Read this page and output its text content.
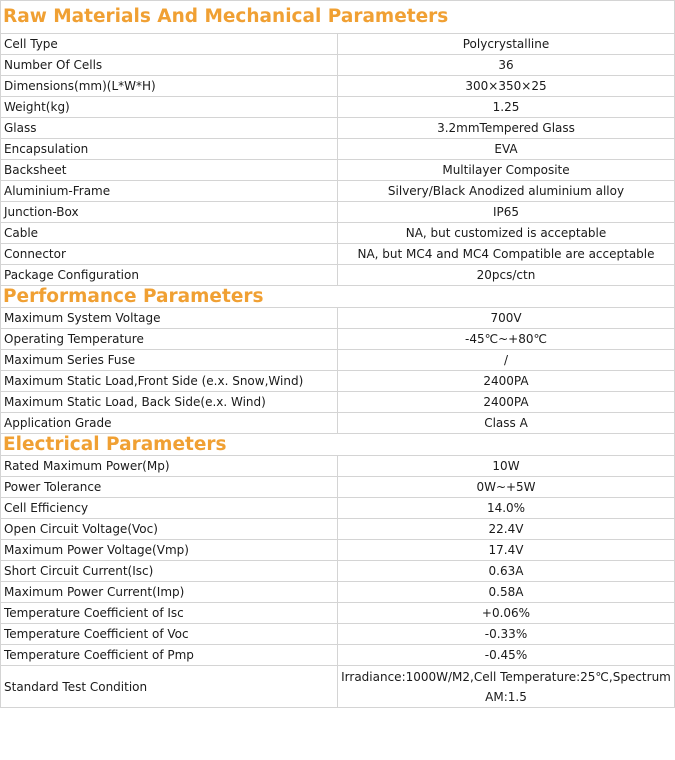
Raw Materials And Mechanical Parameters	
Cell Type	Polycrystalline
Number Of Cells	36
Dimensions(mm)(L*W*H)	300×350×25
Weight(kg)	1.25
Glass	3.2mmTempered Glass
Encapsulation	EVA
Backsheet	Multilayer Composite
Aluminium-Frame	Silvery/Black Anodized aluminium alloy
Junction-Box	IP65
Cable	NA, but customized is acceptable
Connector	NA, but MC4 and MC4 Compatible are acceptable
Package Configuration	20pcs/ctn
Performance Parameters	
Maximum System Voltage	700V
Operating Temperature	-45℃~+80℃
Maximum Series Fuse	/
Maximum Static Load,Front Side (e.x. Snow,Wind)	2400PA
Maximum Static Load, Back Side(e.x. Wind)	2400PA
Application Grade	Class A
Electrical Parameters	
Rated Maximum Power(Mp)	10W
Power Tolerance	0W~+5W
Cell Efficiency	14.0%
Open Circuit Voltage(Voc)	22.4V
Maximum Power Voltage(Vmp)	17.4V
Short Circuit Current(Isc)	0.63A
Maximum Power Current(Imp)	0.58A
Temperature Coefficient of Isc	+0.06%
Temperature Coefficient of Voc	-0.33%
Temperature Coefficient of Pmp	-0.45%
Standard Test Condition	Irradiance:1000W/M2,Cell Temperature:25℃,Spectrum AM:1.5
